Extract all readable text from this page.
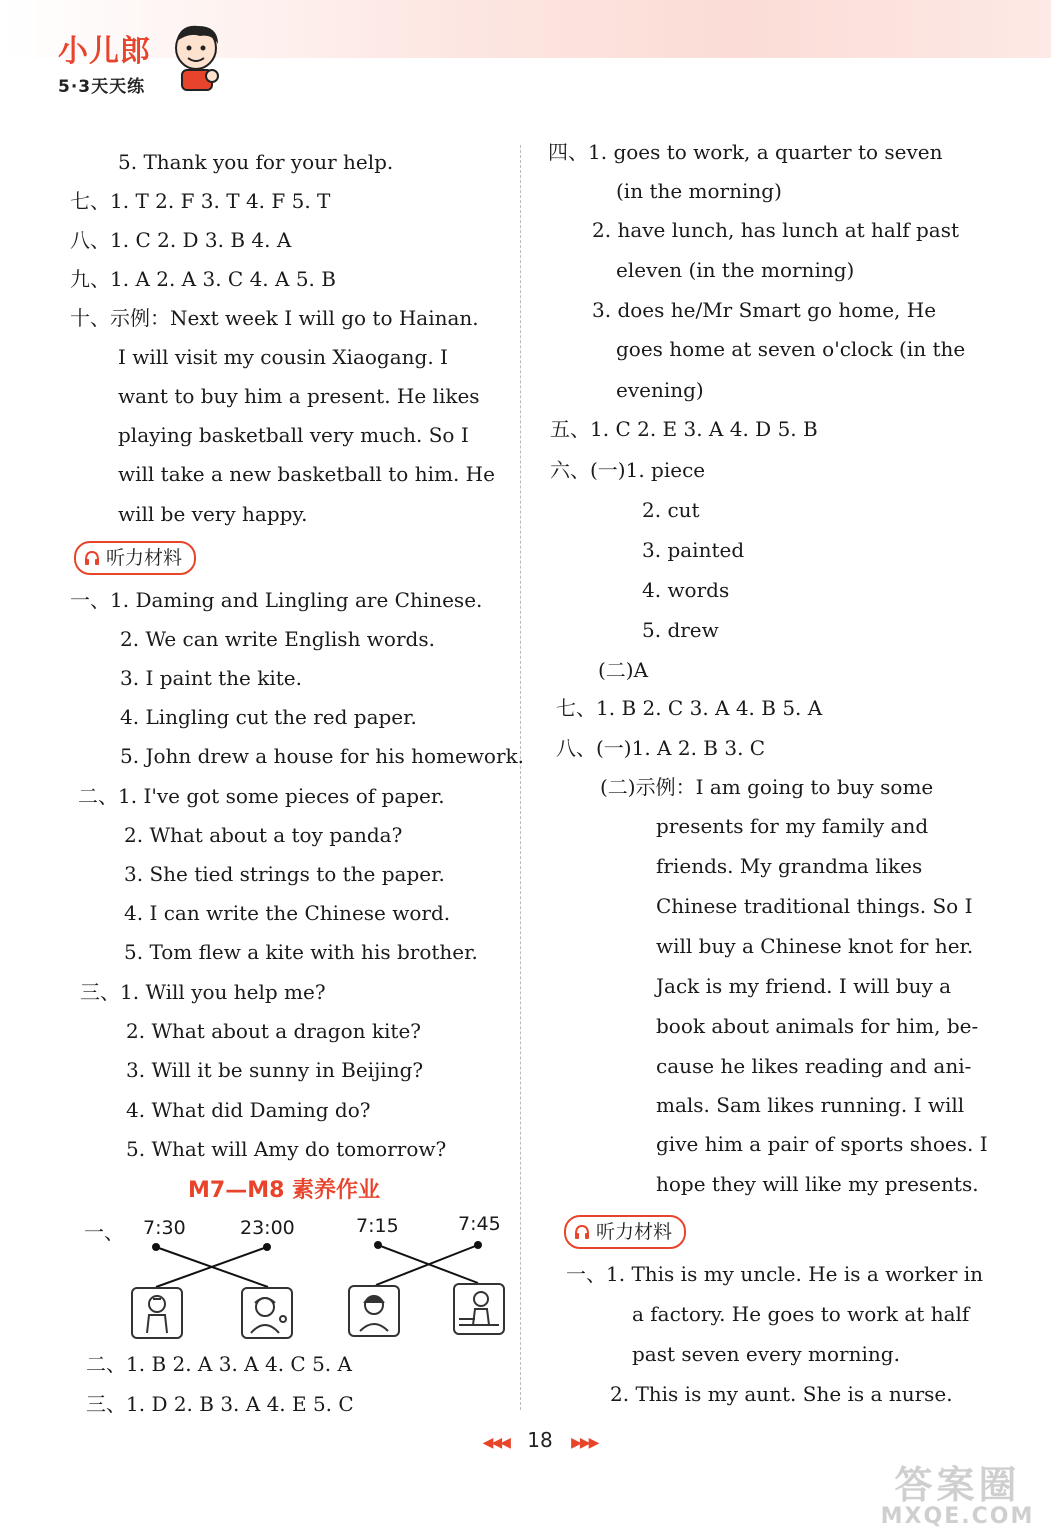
小儿郎
5·3天天练
5. Thank you for your help.
七、1. T 2. F 3. T 4. F 5. T
八、1. C 2. D 3. B 4. A
九、1. A 2. A 3. C 4. A 5. B
十、示例：Next week I will go to Hainan.
I will visit my cousin Xiaogang. I
want to buy him a present. He likes
playing basketball very much. So I
will take a new basketball to him. He
will be very happy.
听力材料
一、1. Daming and Lingling are Chinese.
2. We can write English words.
3. I paint the kite.
4. Lingling cut the red paper.
5. John drew a house for his homework.
二、1. I've got some pieces of paper.
2. What about a toy panda?
3. She tied strings to the paper.
4. I can write the Chinese word.
5. Tom flew a kite with his brother.
三、1. Will you help me?
2. What about a dragon kite?
3. Will it be sunny in Beijing?
4. What did Daming do?
5. What will Amy do tomorrow?
M7—M8 素养作业
一、 7:30	23:00	7:15	7:45
二、1. B 2. A 3. A 4. C 5. A
三、1. D 2. B 3. A 4. E 5. C
四、1. goes to work, a quarter to seven
(in the morning)
2. have lunch, has lunch at half past
eleven (in the morning)
3. does he/Mr Smart go home, He
goes home at seven o'clock (in the
evening)
五、1. C 2. E 3. A 4. D 5. B
六、(一)1. piece
2. cut
3. painted
4. words
5. drew
(二)A
七、1. B 2. C 3. A 4. B 5. A
八、(一)1. A 2. B 3. C
(二)示例：I am going to buy some
presents for my family and
friends. My grandma likes
Chinese traditional things. So I
will buy a Chinese knot for her.
Jack is my friend. I will buy a
book about animals for him, be-
cause he likes reading and ani-
mals. Sam likes running. I will
give him a pair of sports shoes. I
hope they will like my presents.
听力材料
一、1. This is my uncle. He is a worker in
a factory. He goes to work at half
past seven every morning.
2. This is my aunt. She is a nurse.
◀◀◀ 18 ▶▶▶
答案圈
MXQE.COM
